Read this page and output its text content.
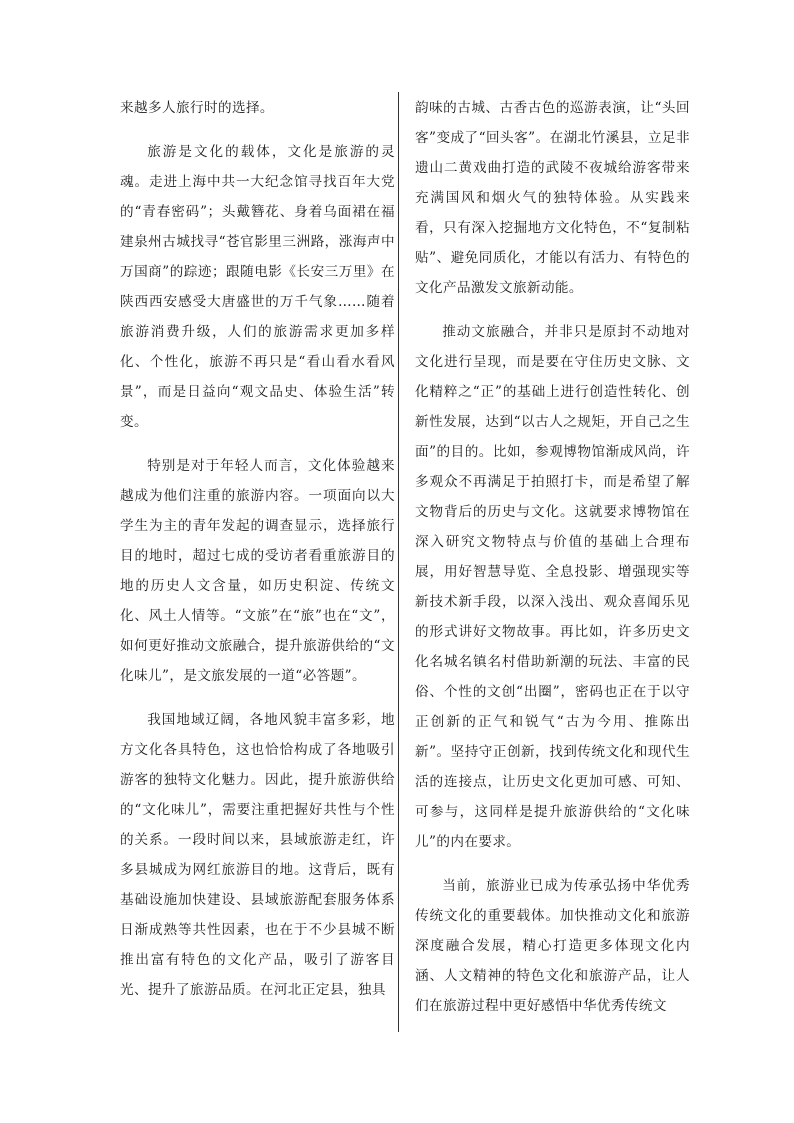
来越多人旅行时的选择。

旅游是文化的载体，文化是旅游的灵魂。走进上海中共一大纪念馆寻找百年大党的“青春密码”；头戴簪花、身着乌面裙在福建泉州古城找寻“苍官影里三洲路，涨海声中万国商”的踪迹；跟随电影《长安三万里》在陕西西安感受大唐盛世的万千气象……随着旅游消费升级，人们的旅游需求更加多样化、个性化，旅游不再只是“看山看水看风景”，而是日益向“观文品史、体验生活”转变。

特别是对于年轻人而言，文化体验越来越成为他们注重的旅游内容。一项面向以大学生为主的青年发起的调查显示，选择旅行目的地时，超过七成的受访者看重旅游目的地的历史人文含量，如历史积淀、传统文化、风土人情等。“文旅”在“旅”也在“文”，如何更好推动文旅融合，提升旅游供给的“文化味儿”，是文旅发展的一道“必答题”。

我国地域辽阔，各地风貌丰富多彩，地方文化各具特色，这也恰恰构成了各地吸引游客的独特文化魅力。因此，提升旅游供给的“文化味儿”，需要注重把握好共性与个性的关系。一段时间以来，县域旅游走红，许多县城成为网红旅游目的地。这背后，既有基础设施加快建设、县域旅游配套服务体系日渐成熟等共性因素，也在于不少县城不断推出富有特色的文化产品，吸引了游客目光、提升了旅游品质。在河北正定县，独具

韵味的古城、古香古色的巡游表演，让“头回客”变成了“回头客”。在湖北竹溪县，立足非遗山二黄戏曲打造的武陵不夜城给游客带来充满国风和烟火气的独特体验。从实践来看，只有深入挖掘地方文化特色，不“复制粘贴”、避免同质化，才能以有活力、有特色的文化产品激发文旅新动能。

推动文旅融合，并非只是原封不动地对文化进行呈现，而是要在守住历史文脉、文化精粹之“正”的基础上进行创造性转化、创新性发展，达到“以古人之规矩，开自己之生面”的目的。比如，参观博物馆渐成风尚，许多观众不再满足于拍照打卡，而是希望了解文物背后的历史与文化。这就要求博物馆在深入研究文物特点与价值的基础上合理布展，用好智慧导览、全息投影、增强现实等新技术新手段，以深入浅出、观众喜闻乐见的形式讲好文物故事。再比如，许多历史文化名城名镇名村借助新潮的玩法、丰富的民俗、个性的文创“出圈”，密码也正在于以守正创新的正气和锐气“古为今用、推陈出新”。坚持守正创新，找到传统文化和现代生活的连接点，让历史文化更加可感、可知、可参与，这同样是提升旅游供给的“文化味儿”的内在要求。

当前，旅游业已成为传承弘扬中华优秀传统文化的重要载体。加快推动文化和旅游深度融合发展，精心打造更多体现文化内涵、人文精神的特色文化和旅游产品，让人们在旅游过程中更好感悟中华优秀传统文
